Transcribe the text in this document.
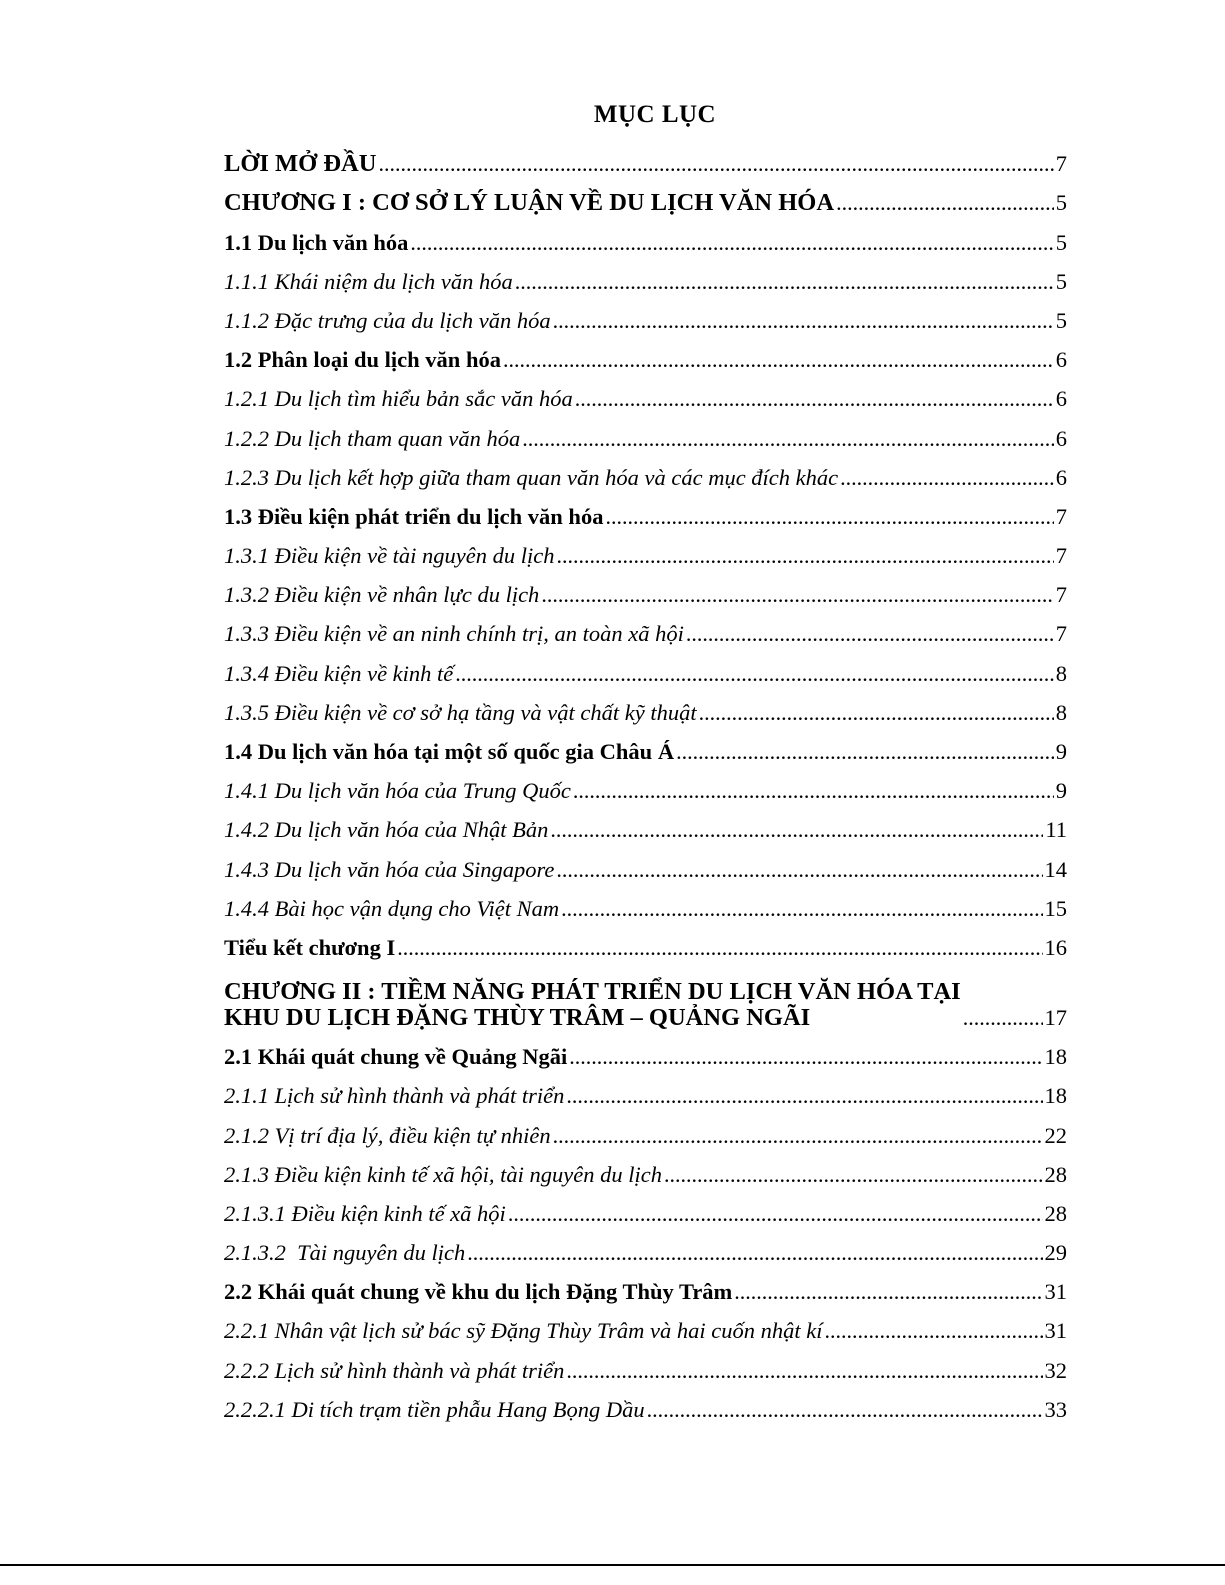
MỤC LỤC
LỜI MỞ ĐẦU .....	7
CHƯƠNG I : CƠ SỞ LÝ LUẬN VỀ DU LỊCH VĂN HÓA .....	5
1.1 Du lịch văn hóa .....	5
1.1.1 Khái niệm du lịch văn hóa .....	5
1.1.2 Đặc trưng của du lịch văn hóa .....	5
1.2 Phân loại du lịch văn hóa .....	6
1.2.1 Du lịch tìm hiểu bản sắc văn hóa .....	6
1.2.2 Du lịch tham quan văn hóa .....	6
1.2.3 Du lịch kết hợp giữa tham quan văn hóa và các mục đích khác .....	6
1.3 Điều kiện phát triển du lịch văn hóa .....	7
1.3.1 Điều kiện về tài nguyên du lịch .....	7
1.3.2 Điều kiện về nhân lực du lịch .....	7
1.3.3 Điều kiện về an ninh chính trị, an toàn xã hội .....	7
1.3.4 Điều kiện về kinh tế .....	8
1.3.5 Điều kiện về cơ sở hạ tầng và vật chất kỹ thuật .....	8
1.4 Du lịch văn hóa tại một số quốc gia Châu Á .....	9
1.4.1 Du lịch văn hóa của Trung Quốc .....	9
1.4.2 Du lịch văn hóa của Nhật Bản .....	11
1.4.3 Du lịch văn hóa của Singapore .....	14
1.4.4 Bài học vận dụng cho Việt Nam .....	15
Tiểu kết chương I .....	16
CHƯƠNG II : TIỀM NĂNG PHÁT TRIỂN DU LỊCH VĂN HÓA TẠI
KHU DU LỊCH ĐẶNG THÙY TRÂM – QUẢNG NGÃI .....	17
2.1 Khái quát chung về Quảng Ngãi .....	18
2.1.1 Lịch sử hình thành và phát triển .....	18
2.1.2 Vị trí địa lý, điều kiện tự nhiên .....	22
2.1.3 Điều kiện kinh tế xã hội, tài nguyên du lịch .....	28
2.1.3.1 Điều kiện kinh tế xã hội .....	28
2.1.3.2  Tài nguyên du lịch .....	29
2.2 Khái quát chung về khu du lịch Đặng Thùy Trâm .....	31
2.2.1 Nhân vật lịch sử bác sỹ Đặng Thùy Trâm và hai cuốn nhật kí .....	31
2.2.2 Lịch sử hình thành và phát triển .....	32
2.2.2.1 Di tích trạm tiền phẫu Hang Bọng Dầu .....	33
